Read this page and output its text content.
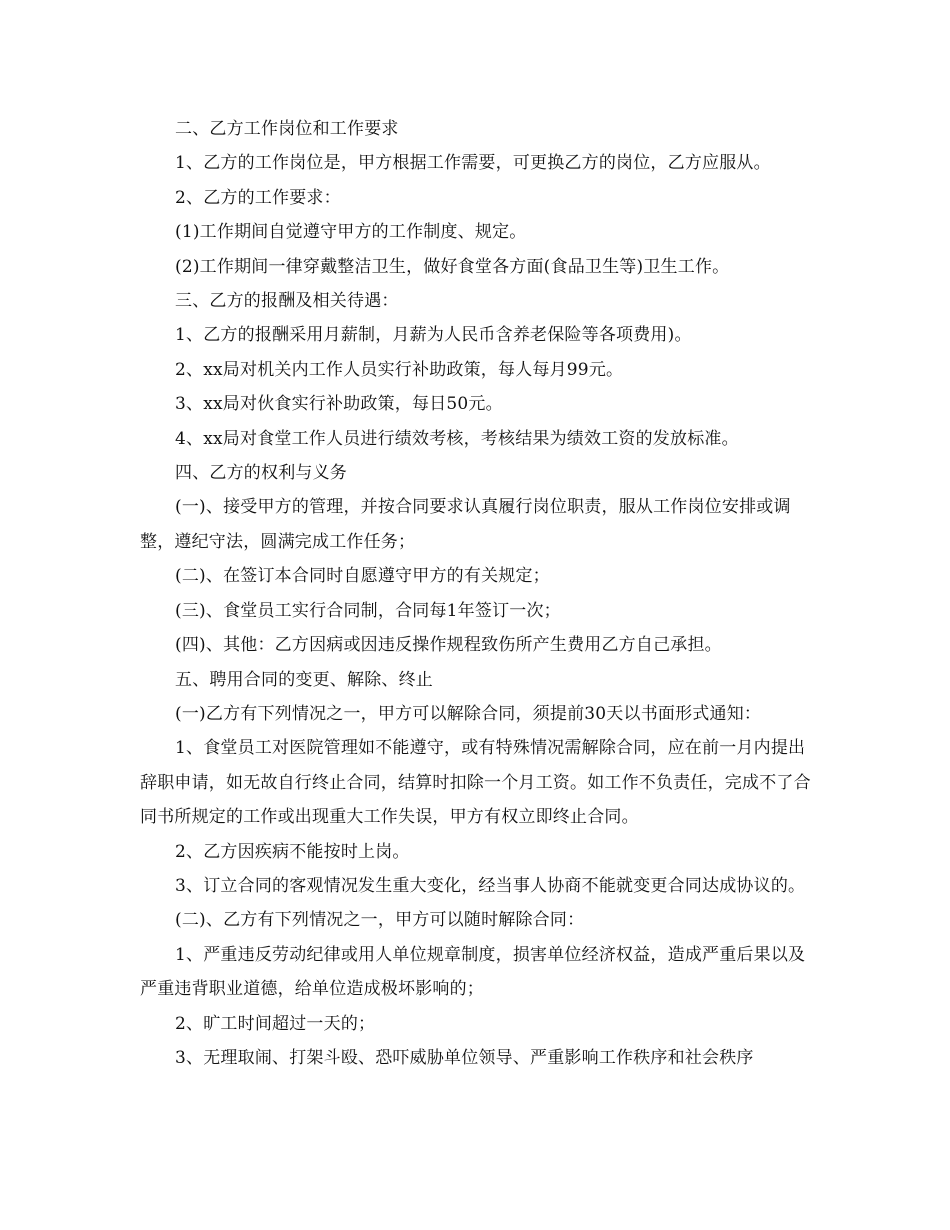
二、乙方工作岗位和工作要求

1、乙方的工作岗位是，甲方根据工作需要，可更换乙方的岗位，乙方应服从。

2、乙方的工作要求：

(1)工作期间自觉遵守甲方的工作制度、规定。

(2)工作期间一律穿戴整洁卫生，做好食堂各方面(食品卫生等)卫生工作。

三、乙方的报酬及相关待遇：

1、乙方的报酬采用月薪制，月薪为人民币含养老保险等各项费用)。

2、xx局对机关内工作人员实行补助政策，每人每月99元。

3、xx局对伙食实行补助政策，每日50元。

4、xx局对食堂工作人员进行绩效考核，考核结果为绩效工资的发放标准。

四、乙方的权利与义务

(一)、接受甲方的管理，并按合同要求认真履行岗位职责，服从工作岗位安排或调整，遵纪守法，圆满完成工作任务；

(二)、在签订本合同时自愿遵守甲方的有关规定；

(三)、食堂员工实行合同制，合同每1年签订一次；

(四)、其他：乙方因病或因违反操作规程致伤所产生费用乙方自己承担。

五、聘用合同的变更、解除、终止

(一)乙方有下列情况之一，甲方可以解除合同，须提前30天以书面形式通知：

1、食堂员工对医院管理如不能遵守，或有特殊情况需解除合同，应在前一月内提出辞职申请，如无故自行终止合同，结算时扣除一个月工资。如工作不负责任，完成不了合同书所规定的工作或出现重大工作失误，甲方有权立即终止合同。

2、乙方因疾病不能按时上岗。

3、订立合同的客观情况发生重大变化，经当事人协商不能就变更合同达成协议的。

(二)、乙方有下列情况之一，甲方可以随时解除合同：

1、严重违反劳动纪律或用人单位规章制度，损害单位经济权益，造成严重后果以及严重违背职业道德，给单位造成极坏影响的；

2、旷工时间超过一天的；

3、无理取闹、打架斗殴、恐吓威胁单位领导、严重影响工作秩序和社会秩序
